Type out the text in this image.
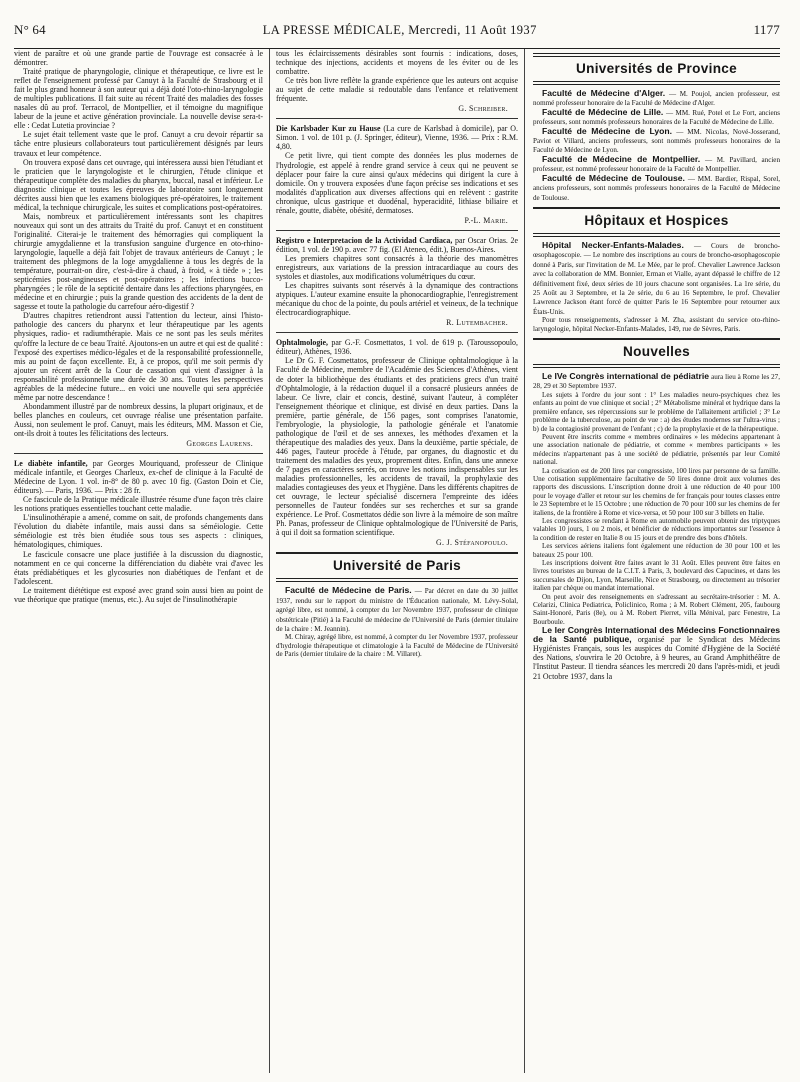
N° 64	LA PRESSE MÉDICALE, Mercredi, 11 Août 1937	1177

vient de paraître et où une grande partie de l'ouvrage est consacrée à le démontrer.

Traité pratique de pharyngologie, clinique et thérapeutique, ce livre est le reflet de l'enseignement professé par Canuyt à la Faculté de Strasbourg et il fait le plus grand honneur à son auteur qui a déjà doté l'oto-rhino-laryngologie de multiples publications. Il fait suite au récent Traité des maladies des fosses nasales dû au prof. Terracol, de Montpellier, et il témoigne du magnifique labeur de la jeune et active génération provinciale. La nouvelle devise sera-t-elle : Cedat Lutetia provinciae ?

Le sujet était tellement vaste que le prof. Canuyt a cru devoir répartir sa tâche entre plusieurs collaborateurs tout particulièrement désignés par leurs travaux et leur compétence.

On trouvera exposé dans cet ouvrage, qui intéressera aussi bien l'étudiant et le praticien que le laryngologiste et le chirurgien, l'étude clinique et thérapeutique complète des maladies du pharynx, buccal, nasal et inférieur. Le diagnostic clinique et toutes les épreuves de laboratoire sont longuement décrites aussi bien que les examens biologiques pré-opératoires, le traitement médical, la technique chirurgicale, les suites et complications post-opératoires.

Mais, nombreux et particulièrement intéressants sont les chapitres nouveaux qui sont un des attraits du Traité du prof. Canuyt et en constituent l'originalité. Citerai-je le traitement des hémorragies qui compliquent la chirurgie amygdalienne et la transfusion sanguine d'urgence en oto-rhino-laryngologie, laquelle a déjà fait l'objet de travaux antérieurs de Canuyt ; le traitement des phlegmons de la loge amygdalienne à tous les degrés de la température, pourrait-on dire, c'est-à-dire à chaud, à froid, « à tiède » ; les septicémies post-angineuses et post-opératoires ; les infections bucco-pharyngées ; le rôle de la septicité dentaire dans les affections pharyngées, en médecine et en chirurgie ; puis la grande question des accidents de la dent de sagesse et toute la pathologie du carrefour aéro-digestif ?

D'autres chapitres retiendront aussi l'attention du lecteur, ainsi l'histo-pathologie des cancers du pharynx et leur thérapeutique par les agents physiques, radio- et radiumthérapie. Mais ce ne sont pas les seuls mérites qu'offre la lecture de ce beau Traité. Ajoutons-en un autre et qui est de qualité : l'exposé des expertises médico-légales et de la responsabilité professionnelle, mis au point de façon excellente. Et, à ce propos, qu'il me soit permis d'y ajouter un récent arrêt de la Cour de cassation qui vient d'assigner à la responsabilité professionnelle une durée de 30 ans. Toutes les perspectives agréables de la médecine future... en voici une nouvelle qui sera appréciée même par notre descendance !

Abondamment illustré par de nombreux dessins, la plupart originaux, et de belles planches en couleurs, cet ouvrage réalise une présentation parfaite. Aussi, non seulement le prof. Canuyt, mais les éditeurs, MM. Masson et Cie, ont-ils droit à toutes les félicitations des lecteurs.

Georges Laurens.

Le diabète infantile, par Georges Mouriquand, professeur de Clinique médicale infantile, et Georges Charleux, ex-chef de clinique à la Faculté de Médecine de Lyon. 1 vol. in-8° de 80 p. avec 10 fig. (Gaston Doin et Cie, éditeurs). — Paris, 1936. — Prix : 28 fr.

Ce fascicule de la Pratique médicale illustrée résume d'une façon très claire les notions pratiques essentielles touchant cette maladie.

L'insulinothérapie a amené, comme on sait, de profonds changements dans l'évolution du diabète infantile, mais aussi dans sa séméiologie. Cette séméiologie est très bien étudiée sous tous ses aspects : cliniques, hématologiques, chimiques.

Le fascicule consacre une place justifiée à la discussion du diagnostic, notamment en ce qui concerne la différenciation du diabète vrai d'avec les états prédiabétiques et les glycosuries non diabétiques de l'enfant et de l'adolescent.

Le traitement diététique est exposé avec grand soin aussi bien au point de vue théorique que pratique (menus, etc.). Au sujet de l'insulinothérapie

tous les éclaircissements désirables sont fournis : indications, doses, technique des injections, accidents et moyens de les éviter ou de les combattre.

Ce très bon livre reflète la grande expérience que les auteurs ont acquise au sujet de cette maladie si redoutable dans l'enfance et relativement fréquente.

G. Schreiber.

Die Karlsbader Kur zu Hause (La cure de Karlsbad à domicile), par O. Simon. 1 vol. de 101 p. (J. Springer, éditeur), Vienne, 1936. — Prix : R.M. 4,80.

Ce petit livre, qui tient compte des données les plus modernes de l'hydrologie, est appelé à rendre grand service à ceux qui ne peuvent se déplacer pour faire la cure ainsi qu'aux médecins qui dirigent la cure à domicile. On y trouvera exposées d'une façon précise ses indications et ses modalités d'application aux diverses affections qui en relèvent : gastrite chronique, ulcus gastrique et duodénal, hyperacidité, lithiase biliaire et rénale, goutte, diabète, obésité, dermatoses.

P.-L. Marie.

Registro e Interpretacion de la Actividad Cardiaca, par Oscar Orias. 2e édition, 1 vol. de 190 p. avec 77 fig. (El Ateneo, édit.), Buenos-Aires.

Les premiers chapitres sont consacrés à la théorie des manomètres enregistreurs, aux variations de la pression intracardiaque au cours des systoles et diastoles, aux modifications volumétriques du cœur.

Les chapitres suivants sont réservés à la dynamique des contractions atypiques. L'auteur examine ensuite la phonocardiographie, l'enregistrement mécanique du choc de la pointe, du pouls artériel et veineux, de la technique électrocardiographique.

R. Lutembacher.

Ophtalmologie, par G.-F. Cosmettatos, 1 vol. de 619 p. (Taroussopoulo, éditeur), Athènes, 1936.

Le Dr G. F. Cosmettatos, professeur de Clinique ophtalmologique à la Faculté de Médecine, membre de l'Académie des Sciences d'Athènes, vient de doter la bibliothèque des étudiants et des praticiens grecs d'un traité d'Ophtalmologie, à la rédaction duquel il a consacré plusieurs années de labeur. Ce livre, clair et concis, destiné, suivant l'auteur, à compléter l'enseignement théorique et clinique, est divisé en deux parties. Dans la première, partie générale, de 156 pages, sont comprises l'anatomie, l'embryologie, la physiologie, la pathologie générale et l'anatomie pathologique de l'œil et de ses annexes, les méthodes d'examen et la thérapeutique des maladies des yeux. Dans la deuxième, partie spéciale, de 446 pages, l'auteur procède à l'étude, par organes, du diagnostic et du traitement des maladies des yeux, proprement dites. Enfin, dans une annexe de 7 pages en caractères serrés, on trouve les notions indispensables sur les maladies professionnelles, les accidents de travail, la prophylaxie des maladies contagieuses des yeux et l'hygiène. Dans les différents chapitres de cet ouvrage, le lecteur spécialisé discernera l'empreinte des idées personnelles de l'auteur fondées sur ses recherches et sur sa grande expérience. Le Prof. Cosmettatos dédie son livre à la mémoire de son maître Ph. Panas, professeur de Clinique ophtalmologique de l'Université de Paris, à qui il doit sa formation scientifique.

G. J. Stéfanopoulo.

Université de Paris

Faculté de Médecine de Paris. — Par décret en date du 30 juillet 1937, rendu sur le rapport du ministre de l'Éducation nationale, M. Lévy-Solal, agrégé libre, est nommé, à compter du 1er Novembre 1937, professeur de clinique obstétricale (Pitié) à la Faculté de médecine de l'Université de Paris (dernier titulaire de la chaire : M. Jeannin).

M. Chiray, agrégé libre, est nommé, à compter du 1er Novembre 1937, professeur d'hydrologie thérapeutique et climatologie à la Faculté de Médecine de l'Université de Paris (dernier titulaire de la chaire : M. Villaret).

Universités de Province

Faculté de Médecine d'Alger. — M. Poujol, ancien professeur, est nommé professeur honoraire de la Faculté de Médecine d'Alger.

Faculté de Médecine de Lille. — MM. Rué, Potel et Le Fort, anciens professeurs, sont nommés professeurs honoraires de la Faculté de Médecine de Lille.

Faculté de Médecine de Lyon. — MM. Nicolas, Nové-Josserand, Paviot et Villard, anciens professeurs, sont nommés professeurs honoraires de la Faculté de Médecine de Lyon.

Faculté de Médecine de Montpellier. — M. Pavillard, ancien professeur, est nommé professeur honoraire de la Faculté de Montpellier.

Faculté de Médecine de Toulouse. — MM. Bardier, Rispal, Sorel, anciens professeurs, sont nommés professeurs honoraires de la Faculté de Médecine de Toulouse.

Hôpitaux et Hospices

Hôpital Necker-Enfants-Malades. — Cours de broncho-œsophagoscopie. — Le nombre des inscriptions au cours de broncho-œsophagoscopie donné à Paris, sur l'invitation de M. Le Mée, par le prof. Chevalier Lawrence Jackson avec la collaboration de MM. Bonnier, Erman et Vialle, ayant dépassé le chiffre de 12 définitivement fixé, deux séries de 10 jours chacune sont organisées. La 1re série, du 25 Août au 3 Septembre, et la 2e série, du 6 au 16 Septembre, le prof. Chevalier Lawrence Jackson étant forcé de quitter Paris le 16 Septembre pour retourner aux États-Unis.

Pour tous renseignements, s'adresser à M. Zha, assistant du service oto-rhino-laryngologie, hôpital Necker-Enfants-Malades, 149, rue de Sèvres, Paris.

Nouvelles

Le IVe Congrès international de pédiatrie aura lieu à Rome les 27, 28, 29 et 30 Septembre 1937.

Les sujets à l'ordre du jour sont : 1° Les maladies neuro-psychiques chez les enfants au point de vue clinique et social ; 2° Métabolisme minéral et hydrique dans la première enfance, ses répercussions sur le problème de l'allaitement artificiel ; 3° Le problème de la tuberculose, au point de vue : a) des études modernes sur l'ultra-virus ; b) de la contagiosité provenant de l'enfant ; c) de la prophylaxie et de la thérapeutique.

Peuvent être inscrits comme « membres ordinaires » les médecins appartenant à une association nationale de pédiatrie, et comme « membres participants » les médecins n'appartenant pas à une société de pédiatrie, présentés par leur Comité national.

La cotisation est de 200 lires par congressiste, 100 lires par personne de sa famille. Une cotisation supplémentaire facultative de 50 lires donne droit aux volumes des rapports des discussions. L'inscription donne droit à une réduction de 40 pour 100 pour le voyage d'aller et retour sur les chemins de fer français pour toutes classes entre le 23 Septembre et le 15 Octobre ; une réduction de 70 pour 100 sur les chemins de fer italiens, de la frontière à Rome et vice-versa, et 50 pour 100 sur 3 billets en Italie.

Les congressistes se rendant à Rome en automobile peuvent obtenir des triptyques valables 10 jours, 1 ou 2 mois, et bénéficier de réductions importantes sur l'essence à la condition de rester en Italie 8 ou 15 jours et de prendre des bons d'hôtels.

Les services aériens italiens font également une réduction de 30 pour 100 et les bateaux 25 pour 100.

Les inscriptions doivent être faites avant le 31 Août. Elles peuvent être faites en livres touristes au bureau de la C.I.T. à Paris, 3, boulevard des Capucines, et dans les succursales de Dijon, Lyon, Marseille, Nice et Strasbourg, ou directement au trésorier italien par chèque ou mandat international.

On peut avoir des renseignements en s'adressant au secrétaire-trésorier : M. A. Celarizi, Clinica Pediatrica, Policlinico, Roma ; à M. Robert Clément, 205, faubourg Saint-Honoré, Paris (8e), ou à M. Robert Pierret, villa Ménival, parc Fenestre, La Bourboule.

Le Ier Congrès International des Médecins Fonctionnaires de la Santé publique, organisé par le Syndicat des Médecins Hygiénistes Français, sous les auspices du Comité d'Hygiène de la Société des Nations, s'ouvrira le 20 Octobre, à 9 heures, au Grand Amphithéâtre de l'Institut Pasteur. Il tiendra séances les mercredi 20 dans l'après-midi, et jeudi 21 Octobre 1937, dans la
